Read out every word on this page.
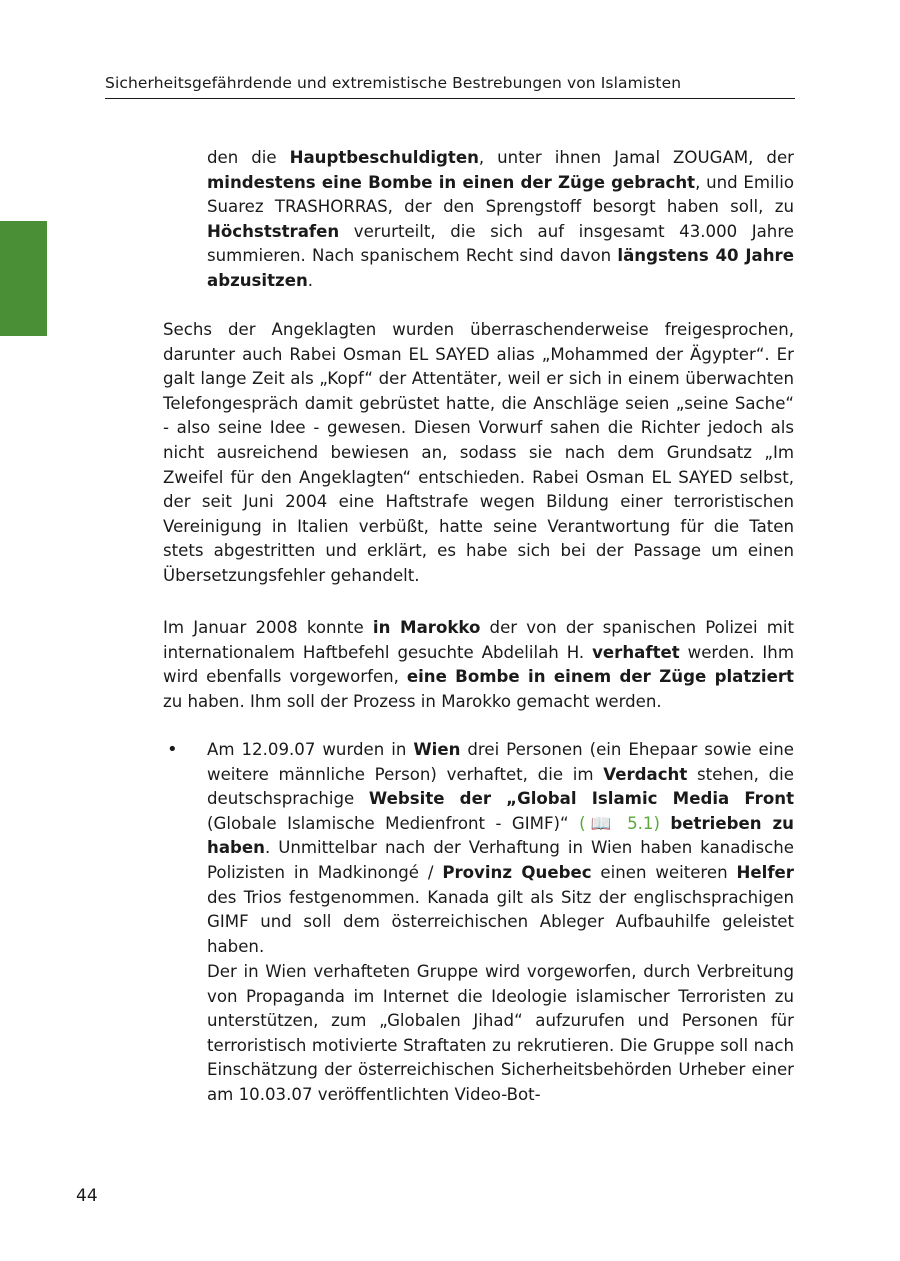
Sicherheitsgefährdende und extremistische Bestrebungen von Islamisten

den die Hauptbeschuldigten, unter ihnen Jamal ZOUGAM, der mindestens eine Bombe in einen der Züge gebracht, und Emilio Suarez TRASHORRAS, der den Sprengstoff besorgt haben soll, zu Höchststrafen verurteilt, die sich auf insgesamt 43.000 Jahre summieren. Nach spanischem Recht sind davon längstens 40 Jahre abzusitzen.

Sechs der Angeklagten wurden überraschenderweise freigesprochen, darunter auch Rabei Osman EL SAYED alias „Mohammed der Ägypter“. Er galt lange Zeit als „Kopf“ der Attentäter, weil er sich in einem überwachten Telefongespräch damit gebrüstet hatte, die Anschläge seien „seine Sache“ - also seine Idee - gewesen. Diesen Vorwurf sahen die Richter jedoch als nicht ausreichend bewiesen an, sodass sie nach dem Grundsatz „Im Zweifel für den Angeklagten“ entschieden. Rabei Osman EL SAYED selbst, der seit Juni 2004 eine Haftstrafe wegen Bildung einer terroristischen Vereinigung in Italien verbüßt, hatte seine Verantwortung für die Taten stets abgestritten und erklärt, es habe sich bei der Passage um einen Übersetzungsfehler gehandelt.

Im Januar 2008 konnte in Marokko der von der spanischen Polizei mit internationalem Haftbefehl gesuchte Abdelilah H. verhaftet werden. Ihm wird ebenfalls vorgeworfen, eine Bombe in einem der Züge platziert zu haben. Ihm soll der Prozess in Marokko gemacht werden.

• Am 12.09.07 wurden in Wien drei Personen (ein Ehepaar sowie eine weitere männliche Person) verhaftet, die im Verdacht stehen, die deutschsprachige Website der „Global Islamic Media Front (Globale Islamische Medienfront - GIMF)“ (📖 5.1) betrieben zu haben. Unmittelbar nach der Verhaftung in Wien haben kanadische Polizisten in Madkinongé / Provinz Quebec einen weiteren Helfer des Trios festgenommen. Kanada gilt als Sitz der englischsprachigen GIMF und soll dem österreichischen Ableger Aufbauhilfe geleistet haben.

Der in Wien verhafteten Gruppe wird vorgeworfen, durch Verbreitung von Propaganda im Internet die Ideologie islamischer Terroristen zu unterstützen, zum „Globalen Jihad“ aufzurufen und Personen für terroristisch motivierte Straftaten zu rekrutieren. Die Gruppe soll nach Einschätzung der österreichischen Sicherheitsbehörden Urheber einer am 10.03.07 veröffentlichten Video-Bot-

44
